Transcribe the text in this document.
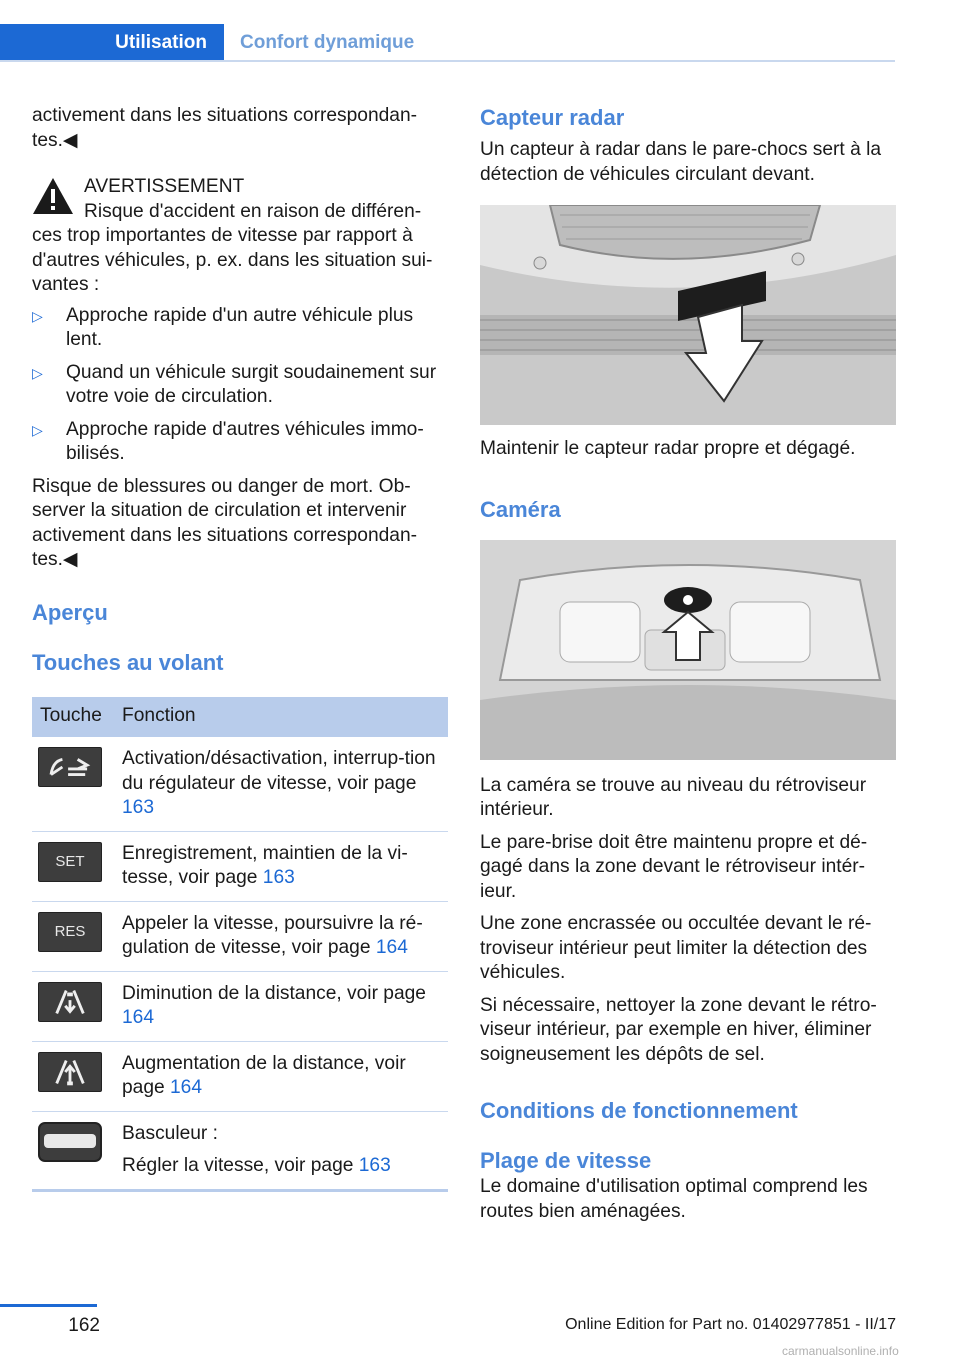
Utilisation	Confort dynamique

activement dans les situations correspondan-tes.◀

AVERTISSEMENT

Risque d'accident en raison de différen-ces trop importantes de vitesse par rapport à d'autres véhicules, p. ex. dans les situation sui-vantes :

▷ Approche rapide d'un autre véhicule plus lent.
▷ Quand un véhicule surgit soudainement sur votre voie de circulation.
▷ Approche rapide d'autres véhicules immo-bilisés.

Risque de blessures ou danger de mort. Ob-server la situation de circulation et intervenir activement dans les situations correspondan-tes.◀

Aperçu

Touches au volant

Touche	Fonction

	Activation/désactivation, interrup-tion du régulateur de vitesse, voir page 163

SET	Enregistrement, maintien de la vi-tesse, voir page 163

RES	Appeler la vitesse, poursuivre la ré-gulation de vitesse, voir page 164

	Diminution de la distance, voir page 164

	Augmentation de la distance, voir page 164

Basculeur :

Régler la vitesse, voir page 163

Capteur radar

Un capteur à radar dans le pare-chocs sert à la détection de véhicules circulant devant.

Maintenir le capteur radar propre et dégagé.

Caméra

La caméra se trouve au niveau du rétroviseur intérieur.

Le pare-brise doit être maintenu propre et dé-gagé dans la zone devant le rétroviseur intér-ieur.

Une zone encrassée ou occultée devant le ré-troviseur intérieur peut limiter la détection des véhicules.

Si nécessaire, nettoyer la zone devant le rétro-viseur intérieur, par exemple en hiver, éliminer soigneusement les dépôts de sel.

Conditions de fonctionnement

Plage de vitesse

Le domaine d'utilisation optimal comprend les routes bien aménagées.

162	Online Edition for Part no. 01402977851 - II/17
carmanualsonline.info
